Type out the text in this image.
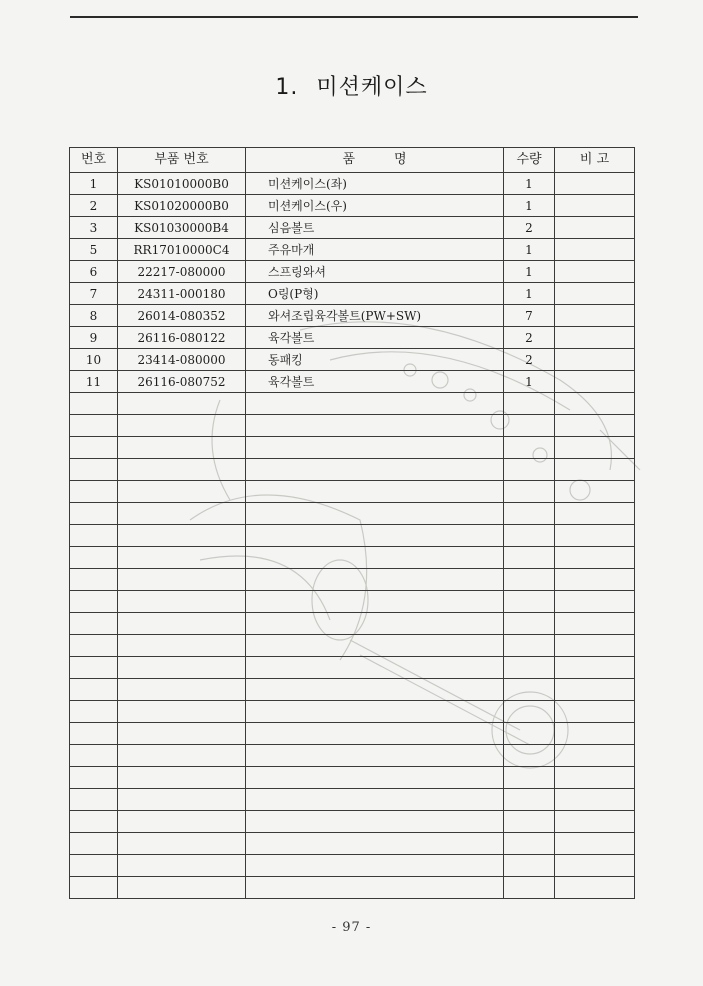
1. 미션케이스
번호	부품 번호	품　　　명	수량	비 고
1	KS01010000B0	미션케이스(좌)	1	
2	KS01020000B0	미션케이스(우)	1	
3	KS01030000B4	심음볼트	2	
5	RR17010000C4	주유마개	1	
6	22217-080000	스프링와셔	1	
7	24311-000180	O링(P형)	1	
8	26014-080352	와셔조립육각볼트(PW+SW)	7	
9	26116-080122	육각볼트	2	
10	23414-080000	동패킹	2	
11	26116-080752	육각볼트	1	

- 97 -
